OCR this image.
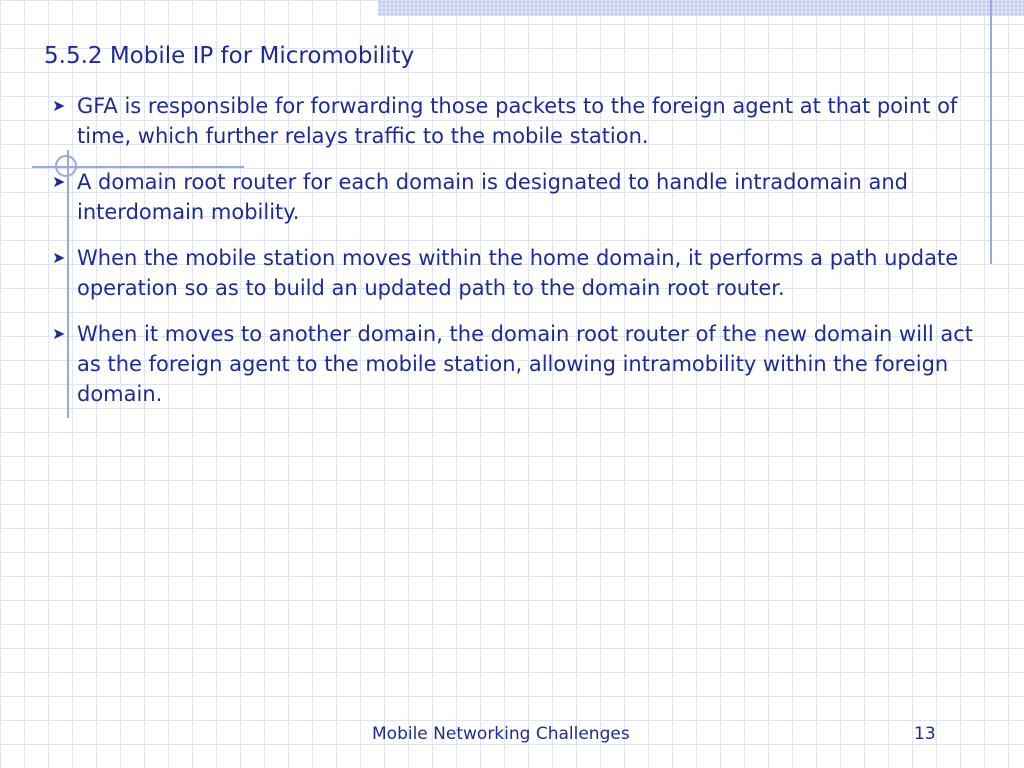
5.5.2 Mobile IP for Micromobility
➤ GFA is responsible for forwarding those packets to the foreign agent at that point of time, which further relays traffic to the mobile station.
➤ A domain root router for each domain is designated to handle intradomain and interdomain mobility.
➤ When the mobile station moves within the home domain, it performs a path update operation so as to build an updated path to the domain root router.
➤ When it moves to another domain, the domain root router of the new domain will act as the foreign agent to the mobile station, allowing intramobility within the foreign domain.
Mobile Networking Challenges	13
